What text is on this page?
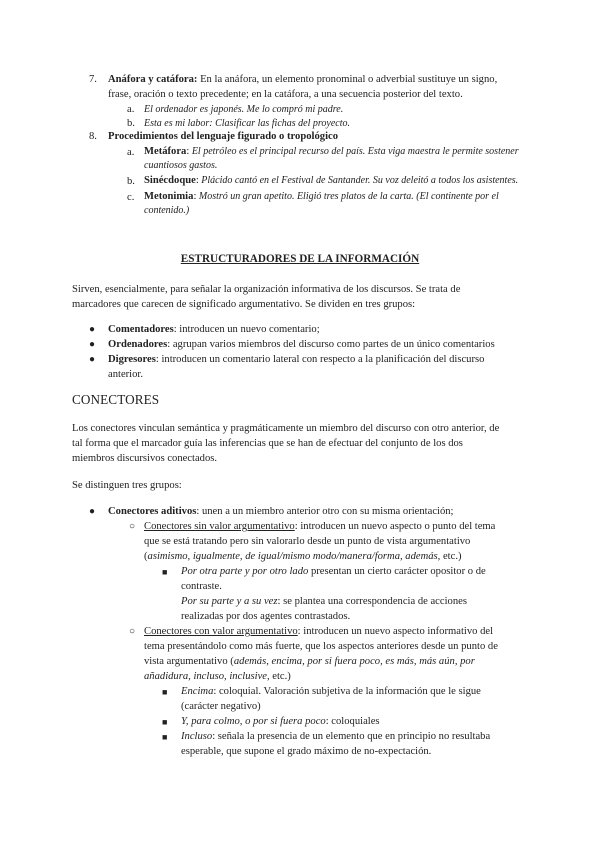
7. Anáfora y catáfora: En la anáfora, un elemento pronominal o adverbial sustituye un signo,
frase, oración o texto precedente; en la catáfora, a una secuencia posterior del texto.
a. El ordenador es japonés. Me lo compró mi padre.
b. Esta es mi labor: Clasificar las fichas del proyecto.
8. Procedimientos del lenguaje figurado o tropológico
a. Metáfora: El petróleo es el principal recurso del país. Esta viga maestra le permite sostener
cuantiosos gastos.
b. Sinécdoque: Plácido cantó en el Festival de Santander. Su voz deleitó a todos los asistentes.
c. Metonimia: Mostró un gran apetito. Eligió tres platos de la carta. (El continente por el
contenido.)
ESTRUCTURADORES DE LA INFORMACIÓN
Sirven, esencialmente, para señalar la organización informativa de los discursos. Se trata de
marcadores que carecen de significado argumentativo. Se dividen en tres grupos:
● Comentadores: introducen un nuevo comentario;
● Ordenadores: agrupan varios miembros del discurso como partes de un único comentarios
● Digresores: introducen un comentario lateral con respecto a la planificación del discurso
anterior.
CONECTORES
Los conectores vinculan semántica y pragmáticamente un miembro del discurso con otro anterior, de
tal forma que el marcador guía las inferencias que se han de efectuar del conjunto de los dos
miembros discursivos conectados.
Se distinguen tres grupos:
● Conectores aditivos: unen a un miembro anterior otro con su misma orientación;
○ Conectores sin valor argumentativo: introducen un nuevo aspecto o punto del tema
que se está tratando pero sin valorarlo desde un punto de vista argumentativo
(asimismo, igualmente, de igual/mismo modo/manera/forma, además, etc.)
■ Por otra parte y por otro lado presentan un cierto carácter opositor o de
contraste.
Por su parte y a su vez: se plantea una correspondencia de acciones
realizadas por dos agentes contrastados.
○ Conectores con valor argumentativo: introducen un nuevo aspecto informativo del
tema presentándolo como más fuerte, que los aspectos anteriores desde un punto de
vista argumentativo (además, encima, por si fuera poco, es más, más aún, por
añadidura, incluso, inclusive, etc.)
■ Encima: coloquial. Valoración subjetiva de la información que le sigue
(carácter negativo)
■ Y, para colmo, o por si fuera poco: coloquiales
■ Incluso: señala la presencia de un elemento que en principio no resultaba
esperable, que supone el grado máximo de no-expectación.
